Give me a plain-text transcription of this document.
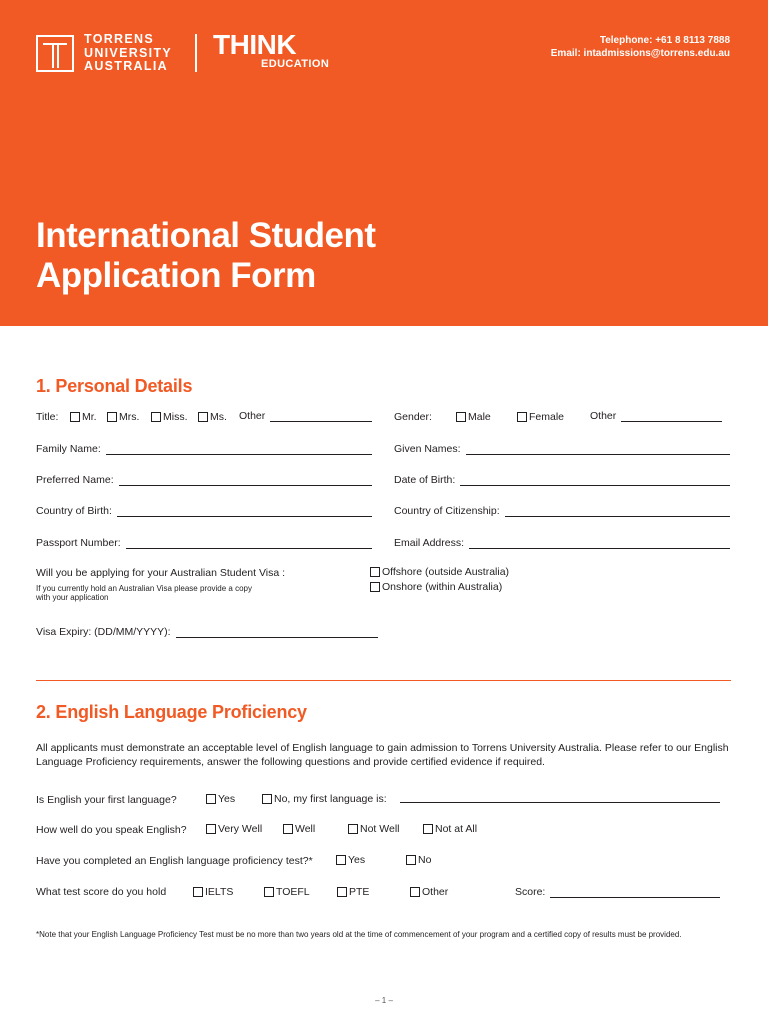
TORRENS
UNIVERSITY
AUSTRALIA
THINK
EDUCATION
Telephone: +61 8 8113 7888
Email: intadmissions@torrens.edu.au
International Student
Application Form
1. Personal Details
Title: Mr. Mrs. Miss. Ms. Other	Gender:	Male	Female Other
Family Name:	Given Names:
Preferred Name:	Date of Birth:
Country of Birth:	Country of Citizenship:
Passport Number:	Email Address:
Will you be applying for your Australian Student Visa :
If you currently hold an Australian Visa please provide a copy with your application
Offshore (outside Australia)
Onshore (within Australia)
Visa Expiry: (DD/MM/YYYY):
2. English Language Proficiency
All applicants must demonstrate an acceptable level of English language to gain admission to Torrens University Australia. Please refer to our English Language Proficiency requirements, answer the following questions and provide certified evidence if required.
Is English your first language?	Yes	No, my first language is:
How well do you speak English?	Very Well	Well	Not Well	Not at All
Have you completed an English language proficiency test?*	Yes	No
What test score do you hold	IELTS	TOEFL	PTE	Other	Score:
*Note that your English Language Proficiency Test must be no more than two years old at the time of commencement of your program and a certified copy of results must be provided.
– 1 –
